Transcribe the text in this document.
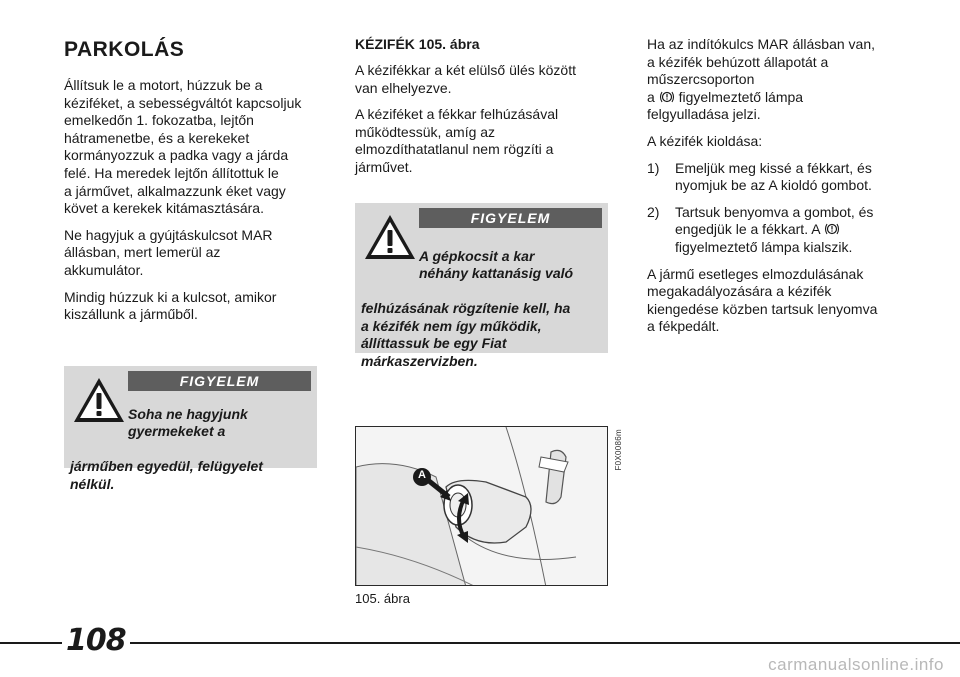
PARKOLÁS
Állítsuk le a motort, húzzuk be a
kéziféket, a sebességváltót kapcsoljuk
emelkedőn 1. fokozatba, lejtőn
hátramenetbe, és a kerekeket
kormányozzuk a padka vagy a járda
felé. Ha meredek lejtőn állítottuk le
a járművet, alkalmazzunk éket vagy
követ a kerekek kitámasztására.
Ne hagyjuk a gyújtáskulcsot MAR
állásban, mert lemerül az
akkumulátor.
Mindig húzzuk ki a kulcsot, amikor
kiszállunk a járműből.
FIGYELEM

Soha ne hagyjunk
gyermekeket a

járműben egyedül, felügyelet
nélkül.

KÉZIFÉK 105. ábra
A kézifékkar a két elülső ülés között
van elhelyezve.
A kéziféket a fékkar felhúzásával
működtessük, amíg az
elmozdíthatatlanul nem rögzíti a
járművet.
FIGYELEM

A gépkocsit a kar
néhány kattanásig való

felhúzásának rögzítenie kell, ha
a kézifék nem így működik,
állíttassuk be egy Fiat
márkaszervizben.

A
F0X0086m
105. ábra
Ha az indítókulcs MAR állásban van,
a kézifék behúzott állapotát a
műszercsoporton
a  figyelmeztető lámpa
felgyulladása jelzi.
A kézifék kioldása:
1) Emeljük meg kissé a fékkart, és
nyomjuk be az A kioldó gombot.
2) Tartsuk benyomva a gombot, és
engedjük le a fékkart. A
figyelmeztető lámpa kialszik.
A jármű esetleges elmozdulásának
megakadályozására a kézifék
kiengedése közben tartsuk lenyomva
a fékpedált.
108
carmanualsonline.info
